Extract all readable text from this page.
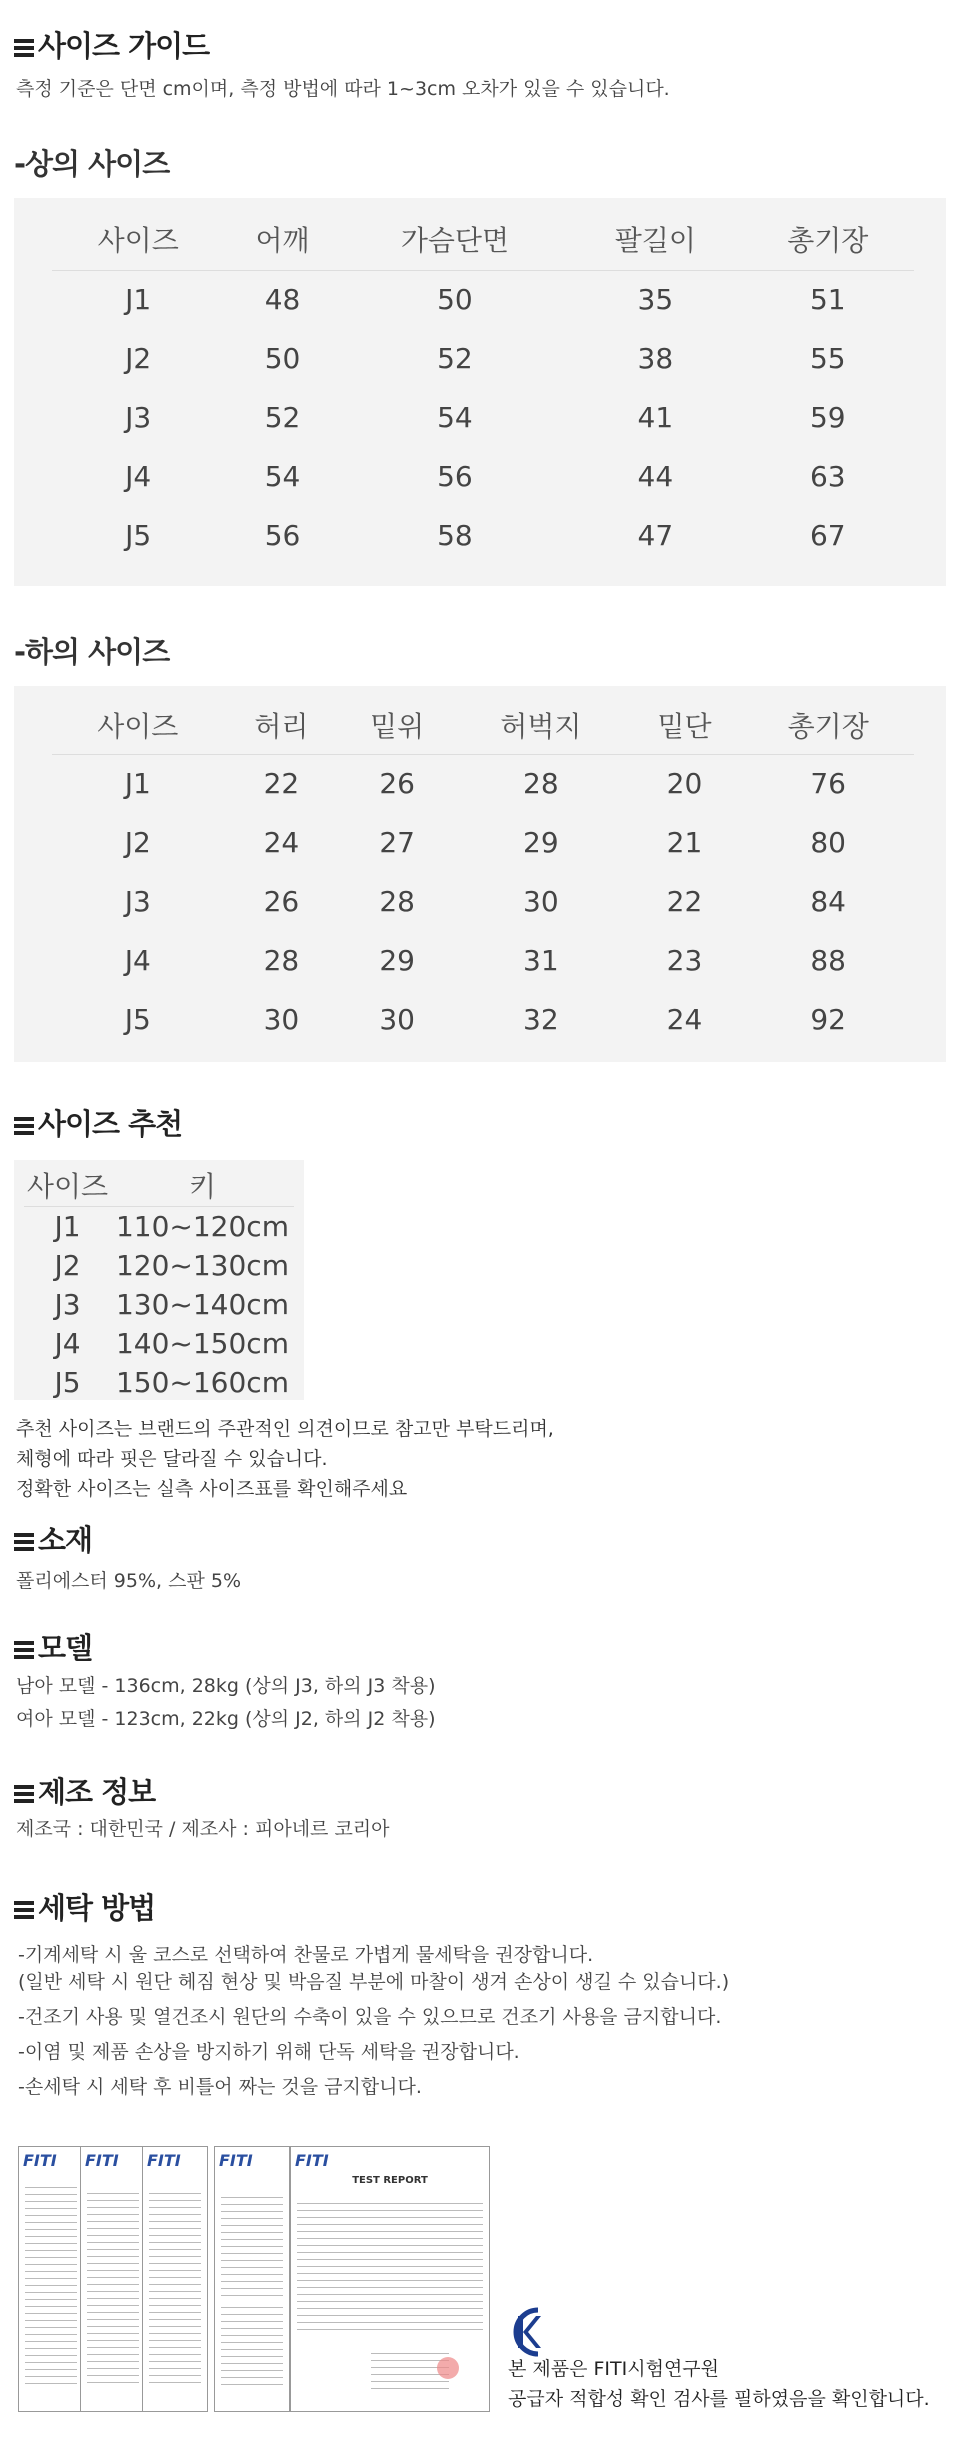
사이즈 가이드
측정 기준은 단면 cm이며, 측정 방법에 따라 1~3cm 오차가 있을 수 있습니다.
-상의 사이즈
사이즈	어깨	가슴단면	팔길이	총기장
J1	48	50	35	51
J2	50	52	38	55
J3	52	54	41	59
J4	54	56	44	63
J5	56	58	47	67
-하의 사이즈
사이즈	허리	밑위	허벅지	밑단	총기장
J1	22	26	28	20	76
J2	24	27	29	21	80
J3	26	28	30	22	84
J4	28	29	31	23	88
J5	30	30	32	24	92
사이즈 추천
사이즈	키
J1	110~120cm
J2	120~130cm
J3	130~140cm
J4	140~150cm
J5	150~160cm
추천 사이즈는 브랜드의 주관적인 의견이므로 참고만 부탁드리며,
체형에 따라 핏은 달라질 수 있습니다.
정확한 사이즈는 실측 사이즈표를 확인해주세요
소재
폴리에스터 95%, 스판 5%
모델
남아 모델 - 136cm, 28kg (상의 J3, 하의 J3 착용)
여아 모델 - 123cm, 22kg (상의 J2, 하의 J2 착용)
제조 정보
제조국 : 대한민국 / 제조사 : 피아네르 코리아
세탁 방법
-기계세탁 시 울 코스로 선택하여 찬물로 가볍게 물세탁을 권장합니다.
(일반 세탁 시 원단 헤짐 현상 및 박음질 부분에 마찰이 생겨 손상이 생길 수 있습니다.)
-건조기 사용 및 열건조시 원단의 수축이 있을 수 있으므로 건조기 사용을 금지합니다.
-이염 및 제품 손상을 방지하기 위해 단독 세탁을 권장합니다.
-손세탁 시 세탁 후 비틀어 짜는 것을 금지합니다.
FITI FITI FITI FITI	FITI
TEST REPORT
본 제품은 FITI시험연구원
공급자 적합성 확인 검사를 필하였음을 확인합니다.
